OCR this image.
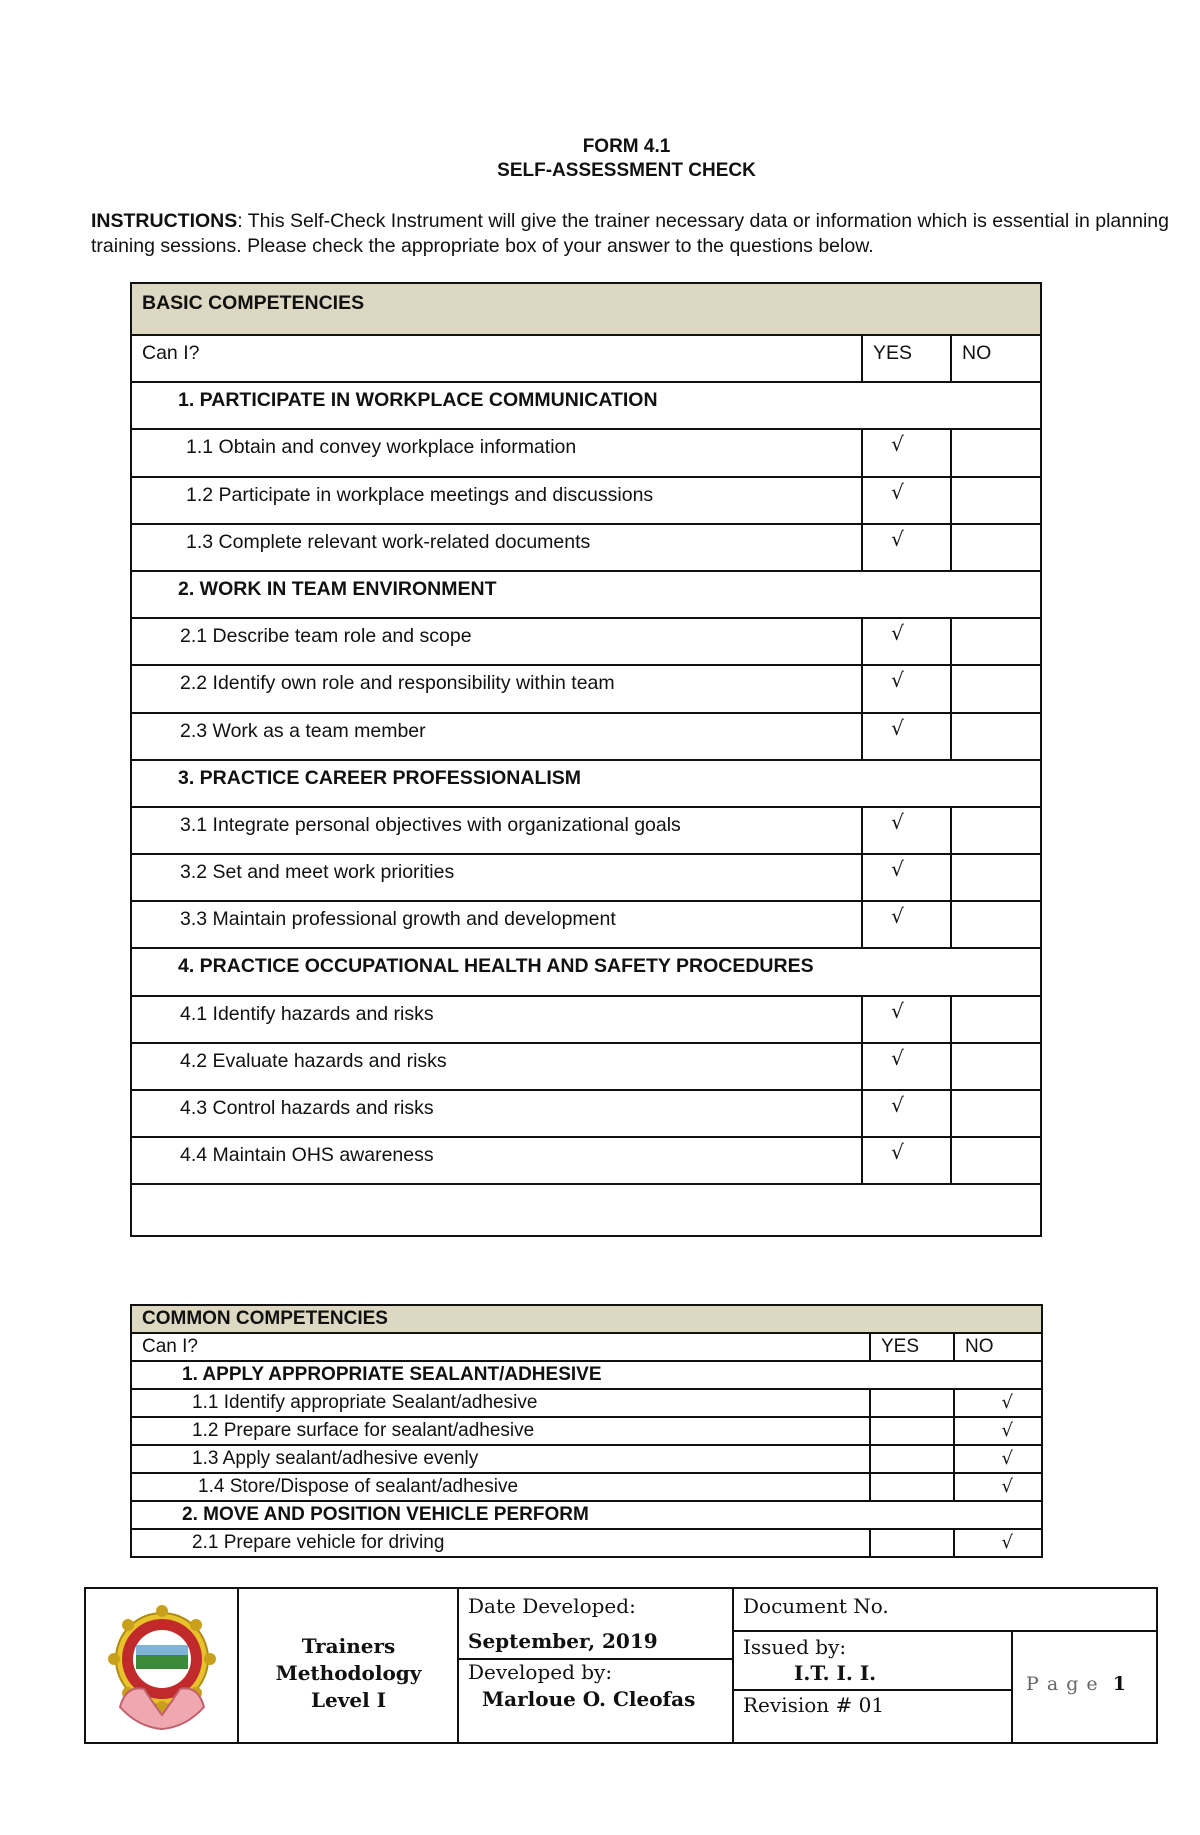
FORM 4.1
SELF-ASSESSMENT CHECK
INSTRUCTIONS: This Self-Check Instrument will give the trainer necessary data or information which is essential in planning training sessions. Please check the appropriate box of your answer to the questions below.
BASIC COMPETENCIES		
Can I?	YES	NO
1. PARTICIPATE IN WORKPLACE COMMUNICATION		
1.1 Obtain and convey workplace information	√	
1.2 Participate in workplace meetings and discussions	√	
1.3 Complete relevant work-related documents	√	
2. WORK IN TEAM ENVIRONMENT		
2.1 Describe team role and scope	√	
2.2 Identify own role and responsibility within team	√	
2.3 Work as a team member	√	
3. PRACTICE CAREER PROFESSIONALISM		
3.1 Integrate personal objectives with organizational goals	√	
3.2 Set and meet work priorities	√	
3.3 Maintain professional growth and development	√	
4. PRACTICE OCCUPATIONAL HEALTH AND SAFETY PROCEDURES		
4.1 Identify hazards and risks	√	
4.2 Evaluate hazards and risks	√	
4.3 Control hazards and risks	√	
4.4 Maintain OHS awareness	√	

COMMON COMPETENCIES		
Can I?	YES	NO
1. APPLY APPROPRIATE SEALANT/ADHESIVE		
1.1 Identify appropriate Sealant/adhesive		√
1.2 Prepare surface for sealant/adhesive		√
1.3 Apply sealant/adhesive evenly		√
1.4 Store/Dispose of sealant/adhesive		√
2. MOVE AND POSITION VEHICLE PERFORM		
2.1 Prepare vehicle for driving		√
Trainers
Methodology
Level I
Date Developed:
September, 2019
Developed by:
Marloue O. Cleofas
Document No.
Issued by:
I.T. I. I.
Revision # 01
P a g e 1
